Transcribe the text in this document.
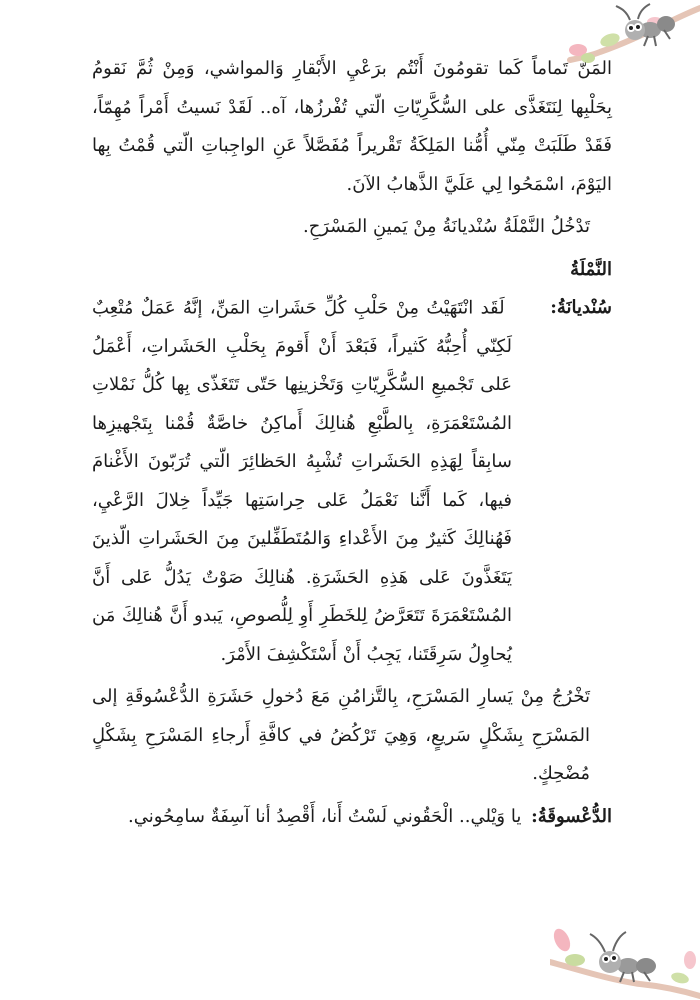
المَنّ تَماماً كَما تقومُونَ أَنْتُم برَعْيِ الأَبْقارِ وَالمواشي، وَمِنْ ثُمَّ نَقومُ بِحَلْبِها لِنَتَغَذَّى على السُّكَّرِيّاتِ الّتي تُفْرزُها، آه.. لَقَدْ نَسيتُ أَمْراً مُهِمّاً، فَقَدْ طَلَبَتْ مِنّي أُمُّنا المَلِكَةُ تَقْريراً مُفَصَّلاً عَنِ الواجِباتِ الّتي قُمْتُ بِها اليَوْمَ، اسْمَحُوا لِي عَلَيَّ الذَّهابُ الآنَ.

تَدْخُلُ النَّمْلَةُ سُنْديانَةُ مِنْ يَمينِ المَسْرَحِ.

النَّمْلَةُ سُنْديانَةُ: لَقَد انْتَهَيْتُ مِنْ حَلْبِ كُلِّ حَشَراتِ المَنِّ، إنَّهُ عَمَلٌ مُتْعِبٌ لَكِنّي أُحِبُّهُ كَثيراً، فَبَعْدَ أَنْ أَقومَ بِحَلْبِ الحَشَراتِ، أَعْمَلُ عَلى تَجْميعِ السُّكَّرِيّاتِ وَتَخْزينِها حَتّى تَتَغَذّى بِها كُلُّ نَمْلاتِ المُسْتَعْمَرَةِ، بِالطَّبْعِ هُنالِكَ أَماكِنُ خاصَّةٌ قُمْنا بِتَجْهيزِها سابِقاً لِهَذِهِ الحَشَراتِ تُشْبِهُ الحَظائِرَ الّتي تُرَبّونَ الأَغْنامَ فيها، كَما أَنَّنا نَعْمَلُ عَلى حِراسَتِها جَيِّداً خِلالَ الرَّعْيِ، فَهُنالِكَ كَثيرٌ مِنَ الأَعْداءِ وَالمُتَطَفِّلينَ مِنَ الحَشَراتِ الّذينَ يَتَغَذَّونَ عَلى هَذِهِ الحَشَرَةِ. هُنالِكَ صَوْتٌ يَدُلُّ عَلى أَنَّ المُسْتَعْمَرَةَ تَتَعَرَّضُ لِلخَطَرِ أَوِ لِلُّصوصِ، يَبدو أَنَّ هُنالِكَ مَن يُحاوِلُ سَرِقَتَنا، يَجِبُ أَنْ أَسْتَكْشِفَ الأَمْرَ.

تَخْرُجُ مِنْ يَسارِ المَسْرَحِ، بِالتَّزامُنِ مَعَ دُخولِ حَشَرَةِ الدُّعْسُوقَةِ إلى المَسْرَحِ بِشَكْلٍ سَريعٍ، وَهِيَ تَرْكُضُ في كافَّةِ أَرجاءِ المَسْرَحِ بِشَكْلٍ مُضْحِكٍ.

الدُّعْسوقَةُ: يا وَيْلي.. الْحَقُوني لَسْتُ أَنا، أَقْصِدُ أنا آسِفَةٌ سامِحُوني.
